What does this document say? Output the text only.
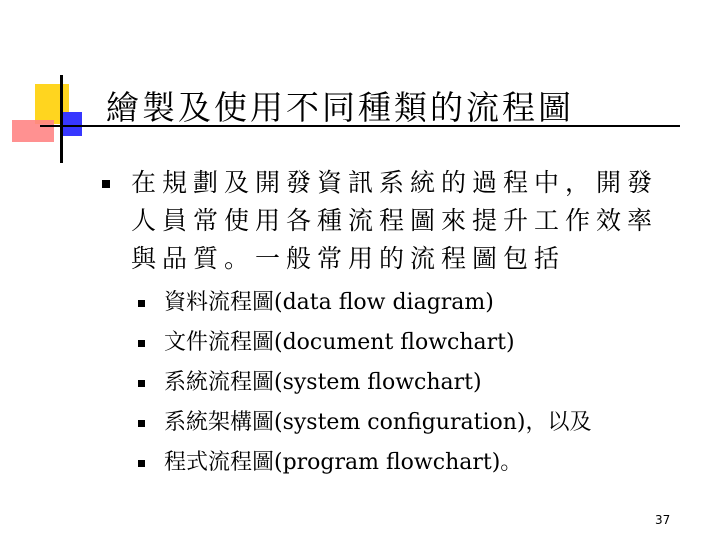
繪製及使用不同種類的流程圖
在規劃及開發資訊系統的過程中，開發人員常使用各種流程圖來提升工作效率與品質。一般常用的流程圖包括
資料流程圖(data flow diagram)
文件流程圖(document flowchart)
系統流程圖(system flowchart)
系統架構圖(system configuration)，以及
程式流程圖(program flowchart)。
37
